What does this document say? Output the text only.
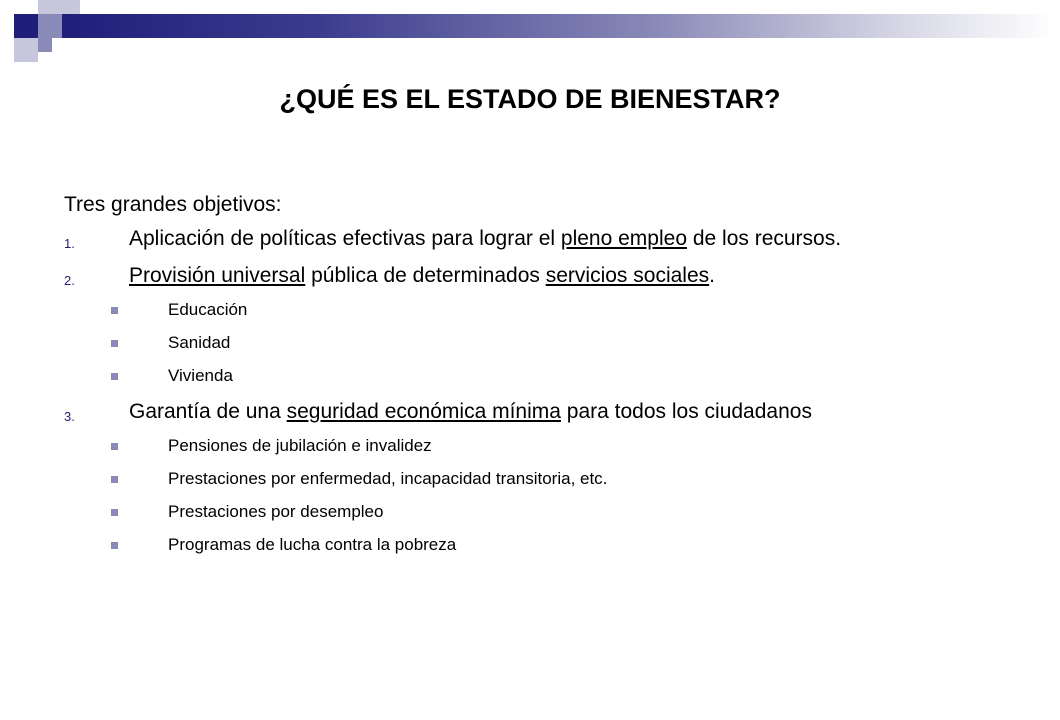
¿QUÉ ES EL ESTADO DE BIENESTAR?

Tres grandes objetivos:

1.	Aplicación de políticas efectivas para lograr el pleno empleo de los recursos.
2.	Provisión universal pública de determinados servicios sociales.
Educación
Sanidad
Vivienda
3.	Garantía de una seguridad económica mínima para todos los ciudadanos
Pensiones de jubilación e invalidez
Prestaciones por enfermedad, incapacidad transitoria, etc.
Prestaciones por desempleo
Programas de lucha contra la pobreza
